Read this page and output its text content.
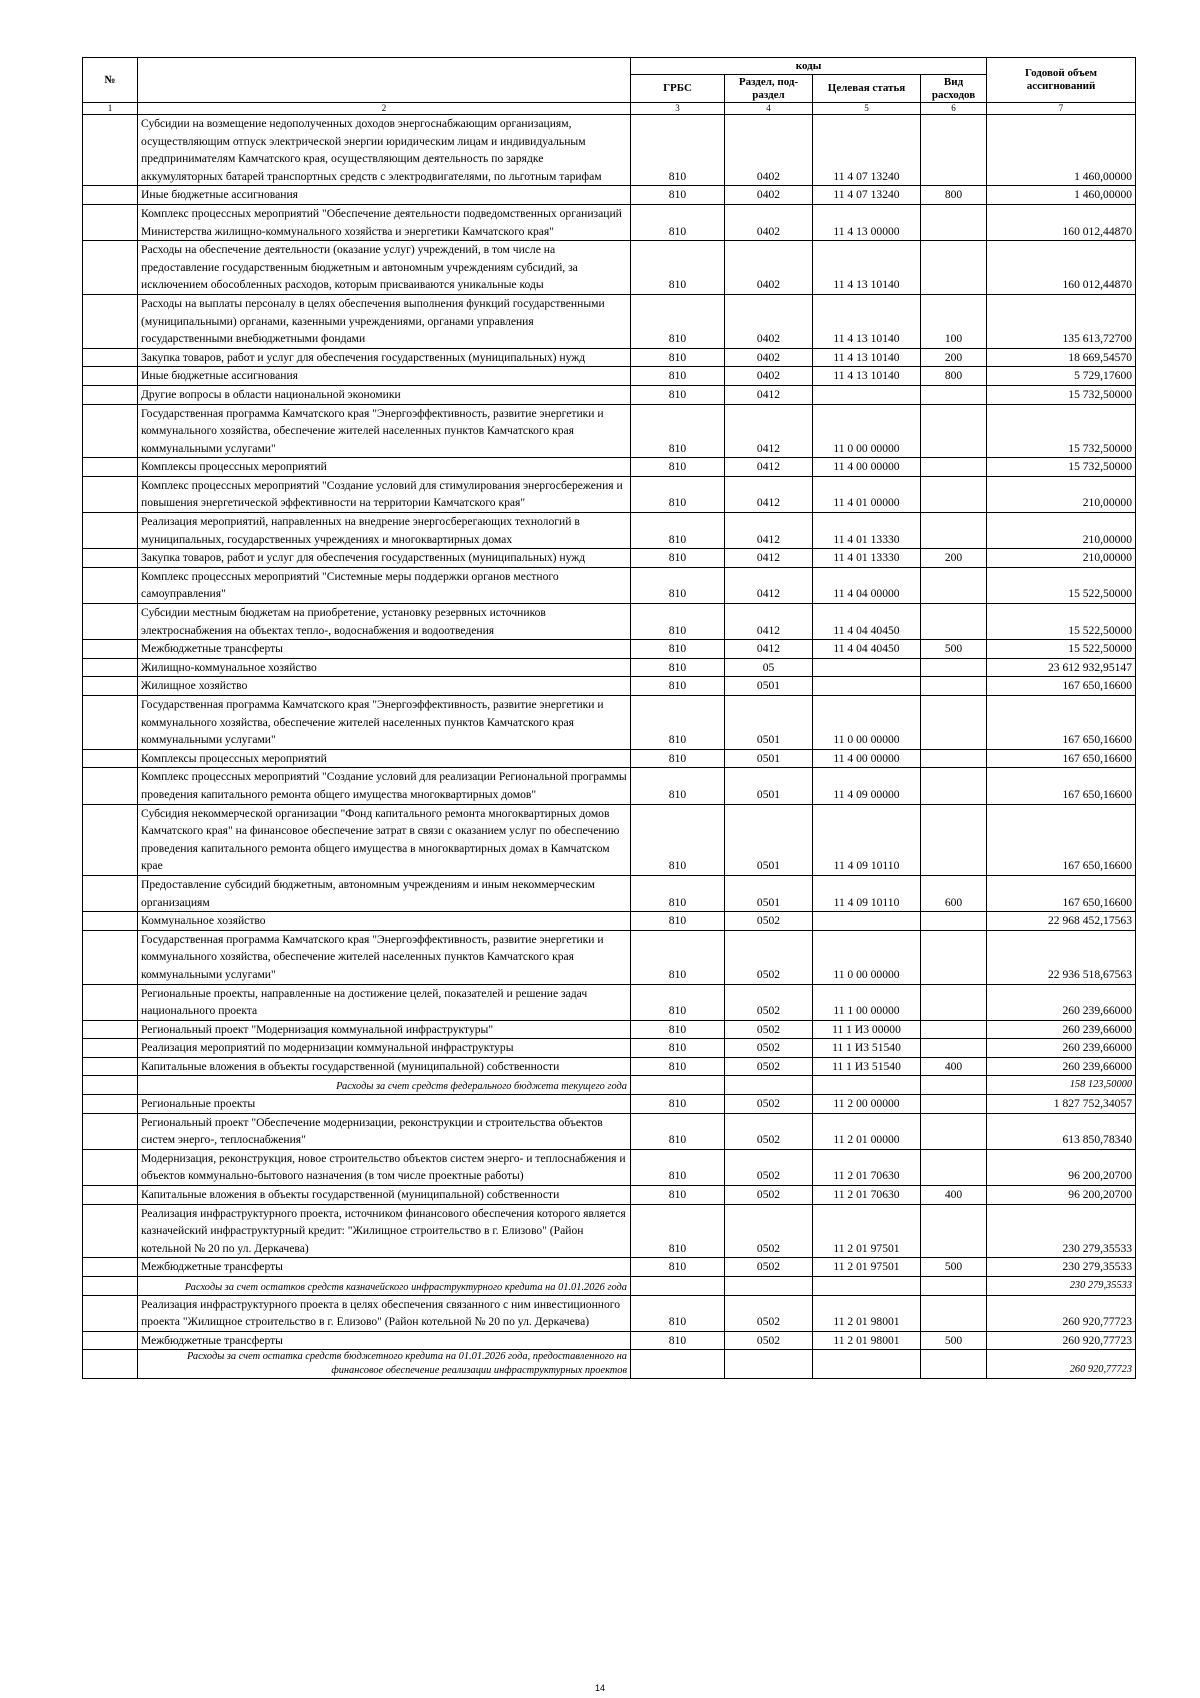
№		коды				Годовой объем ассигнований
		ГРБС	Раздел, под-раздел	Целевая статья	Вид расходов	
1	2	3	4	5	6	7
	Субсидии на возмещение недополученных доходов энергоснабжающим организациям, осуществляющим отпуск электрической энергии юридическим лицам и индивидуальным предпринимателям Камчатского края, осуществляющим деятельность по зарядке аккумуляторных батарей транспортных средств с электродвигателями, по льготным тарифам	810	0402	11 4 07 13240		1 460,00000
	Иные бюджетные ассигнования	810	0402	11 4 07 13240	800	1 460,00000
	Комплекс процессных мероприятий "Обеспечение деятельности подведомственных организаций Министерства жилищно-коммунального хозяйства и энергетики Камчатского края"	810	0402	11 4 13 00000		160 012,44870
	Расходы на обеспечение деятельности (оказание услуг) учреждений, в том числе на предоставление государственным бюджетным и автономным учреждениям субсидий, за исключением обособленных расходов, которым присваиваются уникальные коды	810	0402	11 4 13 10140		160 012,44870
	Расходы на выплаты персоналу в целях обеспечения выполнения функций государственными (муниципальными) органами, казенными учреждениями, органами управления государственными внебюджетными фондами	810	0402	11 4 13 10140	100	135 613,72700
	Закупка товаров, работ и услуг для обеспечения государственных (муниципальных) нужд	810	0402	11 4 13 10140	200	18 669,54570
	Иные бюджетные ассигнования	810	0402	11 4 13 10140	800	5 729,17600
	Другие вопросы в области национальной экономики	810	0412			15 732,50000
	Государственная программа Камчатского края "Энергоэффективность, развитие энергетики и коммунального хозяйства, обеспечение жителей населенных пунктов Камчатского края коммунальными услугами"	810	0412	11 0 00 00000		15 732,50000
	Комплексы процессных мероприятий	810	0412	11 4 00 00000		15 732,50000
	Комплекс процессных мероприятий "Создание условий для стимулирования энергосбережения и повышения энергетической эффективности на территории Камчатского края"	810	0412	11 4 01 00000		210,00000
	Реализация мероприятий, направленных на внедрение энергосберегающих технологий в муниципальных, государственных учреждениях и многоквартирных домах	810	0412	11 4 01 13330		210,00000
	Закупка товаров, работ и услуг для обеспечения государственных (муниципальных) нужд	810	0412	11 4 01 13330	200	210,00000
	Комплекс процессных мероприятий "Системные меры поддержки органов местного самоуправления"	810	0412	11 4 04 00000		15 522,50000
	Субсидии местным бюджетам на приобретение, установку резервных источников электроснабжения на объектах тепло-, водоснабжения и водоотведения	810	0412	11 4 04 40450		15 522,50000
	Межбюджетные трансферты	810	0412	11 4 04 40450	500	15 522,50000
	Жилищно-коммунальное хозяйство	810	05			23 612 932,95147
	Жилищное хозяйство	810	0501			167 650,16600
	Государственная программа Камчатского края "Энергоэффективность, развитие энергетики и коммунального хозяйства, обеспечение жителей населенных пунктов Камчатского края коммунальными услугами"	810	0501	11 0 00 00000		167 650,16600
	Комплексы процессных мероприятий	810	0501	11 4 00 00000		167 650,16600
	Комплекс процессных мероприятий "Создание условий для реализации Региональной программы проведения капитального ремонта общего имущества многоквартирных домов"	810	0501	11 4 09 00000		167 650,16600
	Субсидия некоммерческой организации "Фонд капитального ремонта многоквартирных домов Камчатского края" на финансовое обеспечение затрат в связи с оказанием услуг по обеспечению проведения капитального ремонта общего имущества в многоквартирных домах в Камчатском крае	810	0501	11 4 09 10110		167 650,16600
	Предоставление субсидий бюджетным, автономным учреждениям и иным некоммерческим организациям	810	0501	11 4 09 10110	600	167 650,16600
	Коммунальное хозяйство	810	0502			22 968 452,17563
	Государственная программа Камчатского края "Энергоэффективность, развитие энергетики и коммунального хозяйства, обеспечение жителей населенных пунктов Камчатского края коммунальными услугами"	810	0502	11 0 00 00000		22 936 518,67563
	Региональные проекты, направленные на достижение целей, показателей и решение задач национального проекта	810	0502	11 1 00 00000		260 239,66000
	Региональный проект "Модернизация коммунальной инфраструктуры"	810	0502	11 1 И3 00000		260 239,66000
	Реализация мероприятий по модернизации коммунальной инфраструктуры	810	0502	11 1 И3 51540		260 239,66000
	Капитальные вложения в объекты государственной (муниципальной) собственности	810	0502	11 1 И3 51540	400	260 239,66000
	Расходы за счет средств федерального бюджета текущего года					158 123,50000
	Региональные проекты	810	0502	11 2 00 00000		1 827 752,34057
	Региональный проект "Обеспечение модернизации, реконструкции и строительства объектов систем энерго-, теплоснабжения"	810	0502	11 2 01 00000		613 850,78340
	Модернизация, реконструкция, новое строительство объектов систем энерго- и теплоснабжения и объектов коммунально-бытового назначения (в том числе проектные работы)	810	0502	11 2 01 70630		96 200,20700
	Капитальные вложения в объекты государственной (муниципальной) собственности	810	0502	11 2 01 70630	400	96 200,20700
	Реализация инфраструктурного проекта, источником финансового обеспечения которого является казначейский инфраструктурный кредит: "Жилищное строительство в г. Елизово" (Район котельной № 20 по ул. Деркачева)	810	0502	11 2 01 97501		230 279,35533
	Межбюджетные трансферты	810	0502	11 2 01 97501	500	230 279,35533
	Расходы за счет остатков средств казначейского инфраструктурного кредита на 01.01.2026 года					230 279,35533
	Реализация инфраструктурного проекта в целях обеспечения связанного с ним инвестиционного проекта "Жилищное строительство в г. Елизово" (Район котельной № 20 по ул. Деркачева)	810	0502	11 2 01 98001		260 920,77723
	Межбюджетные трансферты	810	0502	11 2 01 98001	500	260 920,77723
	Расходы за счет остатка средств бюджетного кредита на 01.01.2026 года, предоставленного на финансовое обеспечение реализации инфраструктурных проектов					260 920,77723
14
